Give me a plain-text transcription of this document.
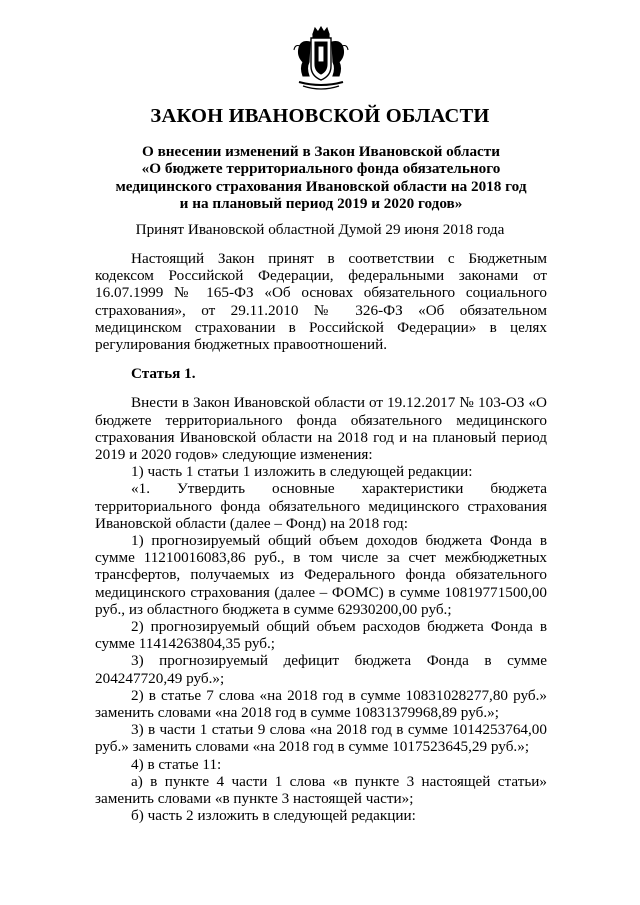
ЗАКОН ИВАНОВСКОЙ ОБЛАСТИ
О внесении изменений в Закон Ивановской области
«О бюджете территориального фонда обязательного
медицинского страхования Ивановской области на 2018 год
и на плановый период 2019 и 2020 годов»
Принят Ивановской областной Думой 29 июня 2018 года

Настоящий Закон принят в соответствии с Бюджетным кодексом Российской Федерации, федеральными законами от 16.07.1999 № 165-ФЗ «Об основах обязательного социального страхования», от 29.11.2010 № 326-ФЗ «Об обязательном медицинском страховании в Российской Федерации» в целях регулирования бюджетных правоотношений.

Статья 1.

Внести в Закон Ивановской области от 19.12.2017 № 103-ОЗ «О бюджете территориального фонда обязательного медицинского страхования Ивановской области на 2018 год и на плановый период 2019 и 2020 годов» следующие изменения:

1) часть 1 статьи 1 изложить в следующей редакции:

«1. Утвердить основные характеристики бюджета территориального фонда обязательного медицинского страхования Ивановской области (далее – Фонд) на 2018 год:

1) прогнозируемый общий объем доходов бюджета Фонда в сумме 11210016083,86 руб., в том числе за счет межбюджетных трансфертов, получаемых из Федерального фонда обязательного медицинского страхования (далее – ФОМС) в сумме 10819771500,00 руб., из областного бюджета в сумме 62930200,00 руб.;

2) прогнозируемый общий объем расходов бюджета Фонда в сумме 11414263804,35 руб.;

3) прогнозируемый дефицит бюджета Фонда в сумме
204247720,49 руб.»;

2) в статье 7 слова «на 2018 год в сумме 10831028277,80 руб.» заменить словами «на 2018 год в сумме 10831379968,89 руб.»;

3) в части 1 статьи 9 слова «на 2018 год в сумме 1014253764,00 руб.» заменить словами «на 2018 год в сумме 1017523645,29 руб.»;

4) в статье 11:

а) в пункте 4 части 1 слова «в пункте 3 настоящей статьи» заменить словами «в пункте 3 настоящей части»;

б) часть 2 изложить в следующей редакции:
